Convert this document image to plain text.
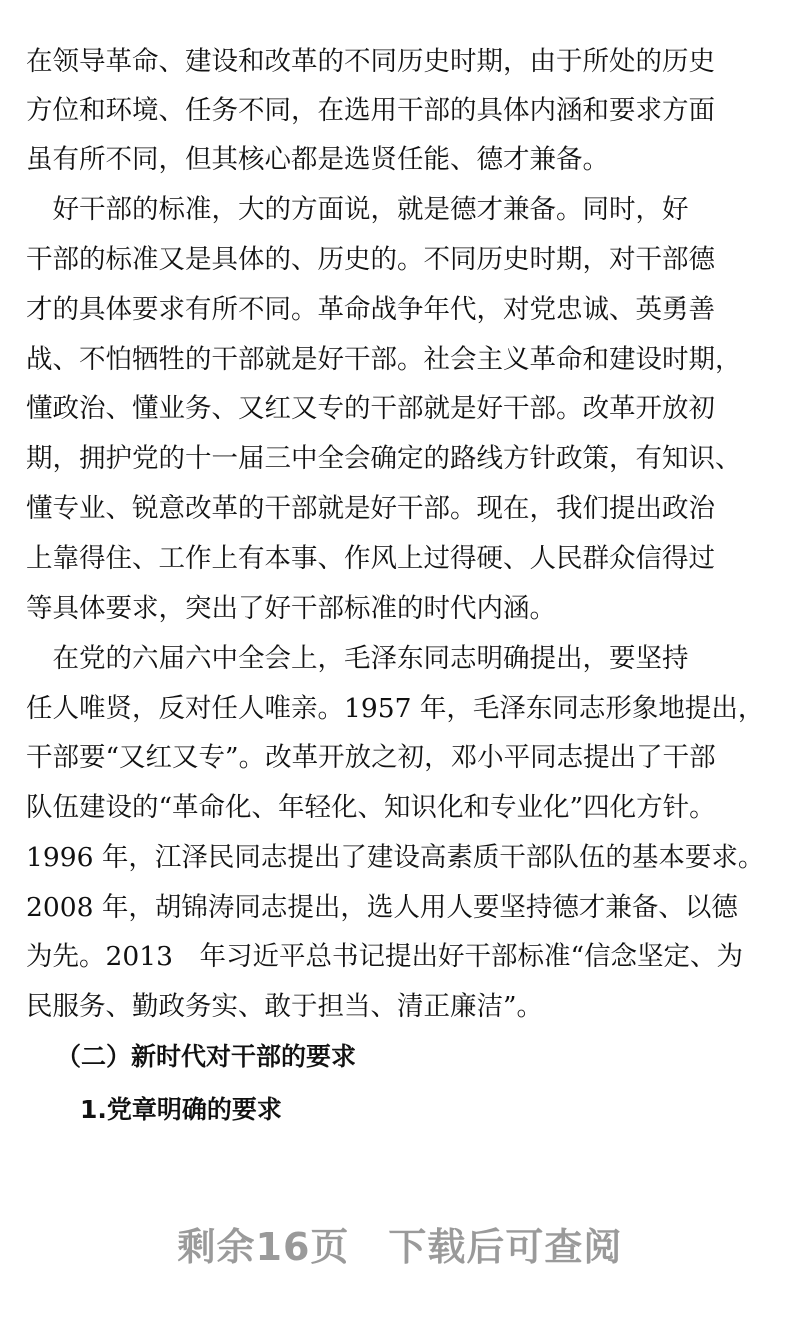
在领导革命、建设和改革的不同历史时期，由于所处的历史
方位和环境、任务不同，在选用干部的具体内涵和要求方面
虽有所不同，但其核心都是选贤任能、德才兼备。
　好干部的标准，大的方面说，就是德才兼备。同时，好
干部的标准又是具体的、历史的。不同历史时期，对干部德
才的具体要求有所不同。革命战争年代，对党忠诚、英勇善
战、不怕牺牲的干部就是好干部。社会主义革命和建设时期，
懂政治、懂业务、又红又专的干部就是好干部。改革开放初
期，拥护党的十一届三中全会确定的路线方针政策，有知识、
懂专业、锐意改革的干部就是好干部。现在，我们提出政治
上靠得住、工作上有本事、作风上过得硬、人民群众信得过
等具体要求，突出了好干部标准的时代内涵。
　在党的六届六中全会上，毛泽东同志明确提出，要坚持
任人唯贤，反对任人唯亲。1957 年，毛泽东同志形象地提出，
干部要“又红又专”。改革开放之初，邓小平同志提出了干部
队伍建设的“革命化、年轻化、知识化和专业化”四化方针。
1996 年，江泽民同志提出了建设高素质干部队伍的基本要求。
2008 年，胡锦涛同志提出，选人用人要坚持德才兼备、以德
为先。2013　年习近平总书记提出好干部标准“信念坚定、为
民服务、勤政务实、敢于担当、清正廉洁”。
（二）新时代对干部的要求
1.党章明确的要求
剩余16页　下载后可查阅
